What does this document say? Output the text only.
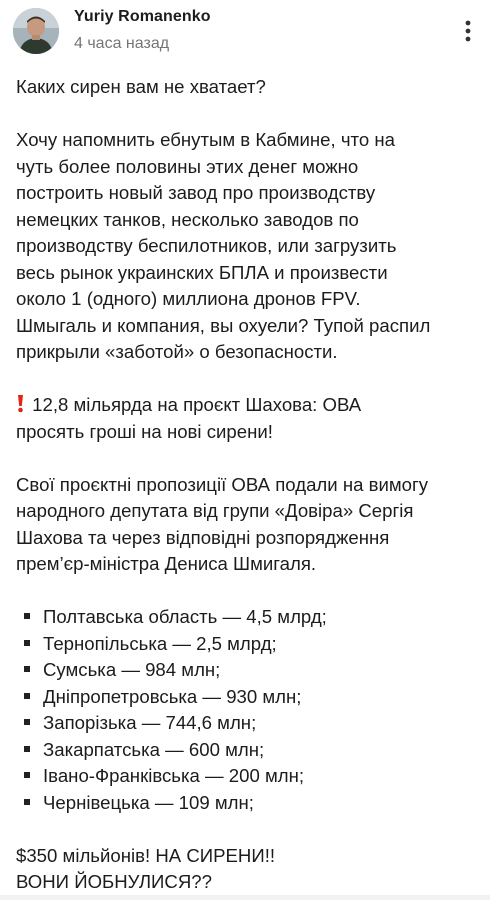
Yuriy Romanenko
4 часа назад
Каких сирен вам не хватает?
Хочу напомнить ебнутым в Кабмине, что на
чуть более половины этих денег можно
построить новый завод про производству
немецких танков, несколько заводов по
производству беспилотников, или загрузить
весь рынок украинских БПЛА и произвести
около 1 (одного) миллиона дронов FPV.
Шмыгаль и компания, вы охуели? Тупой распил
прикрыли «заботой» о безопасности.
12,8 мільярда на проєкт Шахова: ОВА
просять гроші на нові сирени!
Свої проєктні пропозиції ОВА подали на вимогу
народного депутата від групи «Довіра» Сергія
Шахова та через відповідні розпорядження
прем’єр-міністра Дениса Шмигаля.
Полтавська область — 4,5 млрд;
Тернопільська — 2,5 млрд;
Сумська — 984 млн;
Дніпропетровська — 930 млн;
Запорізька — 744,6 млн;
Закарпатська — 600 млн;
Івано-Франківська — 200 млн;
Чернівецька — 109 млн;
$350 мільйонів! НА СИРЕНИ!!
ВОНИ ЙОБНУЛИСЯ??
